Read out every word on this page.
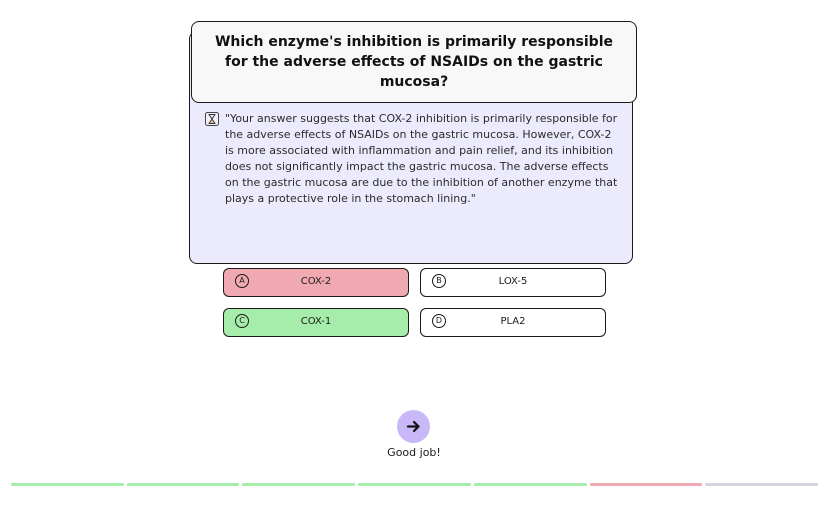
"Your answer suggests that COX-2 inhibition is primarily responsible for the adverse effects of NSAIDs on the gastric mucosa. However, COX-2 is more associated with inflammation and pain relief, and its inhibition does not significantly impact the gastric mucosa. The adverse effects on the gastric mucosa are due to the inhibition of another enzyme that plays a protective role in the stomach lining."

Which enzyme's inhibition is primarily responsible for the adverse effects of NSAIDs on the gastric mucosa?

A	COX-2	B	LOX-5
C	COX-1	D	PLA2
Good job!
